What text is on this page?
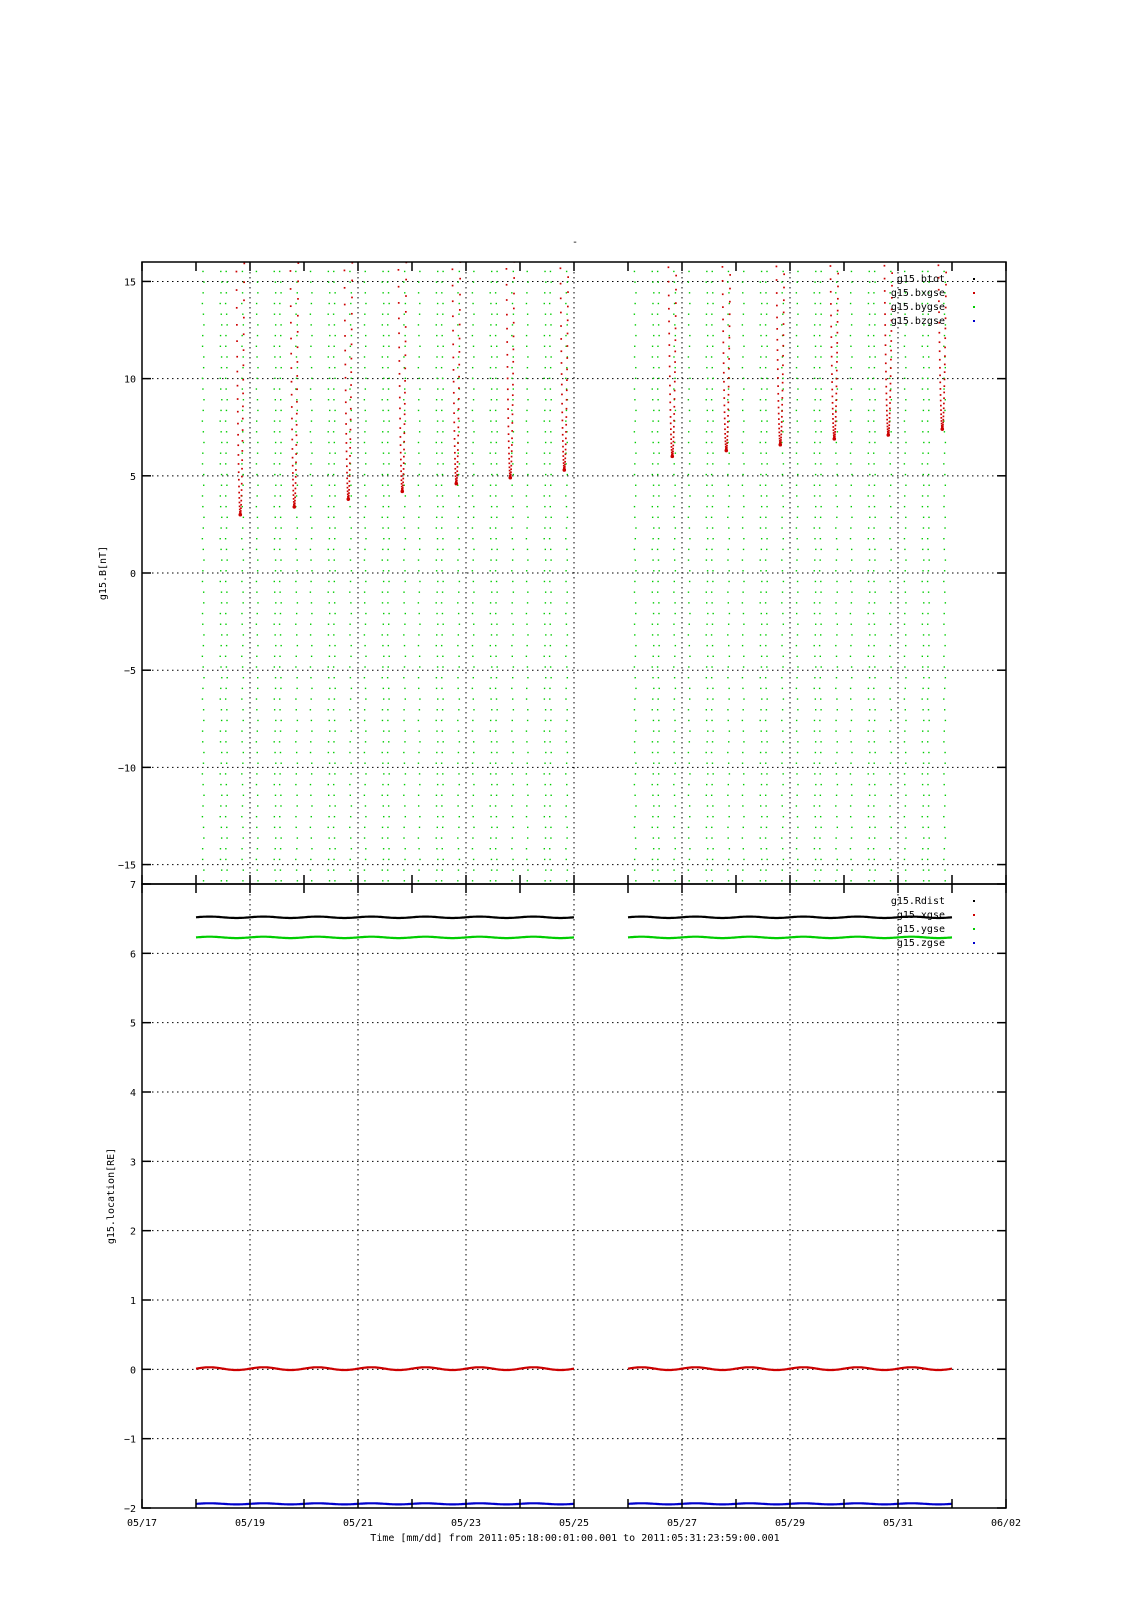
-
15
10
5
0
−5
−10
−15
g15.B[nT]
g15.btot
g15.bxgse
g15.bygse
g15.bzgse
7
6
5
4
3
2
1
0
−1
−2
05/17	05/19	05/21	05/23	05/25	05/27	05/29	05/31	06/02
g15.location[RE]
g15.Rdist
g15.xgse
g15.ygse
g15.zgse
Time [mm/dd] from 2011:05:18:00:01:00.001 to 2011:05:31:23:59:00.001
